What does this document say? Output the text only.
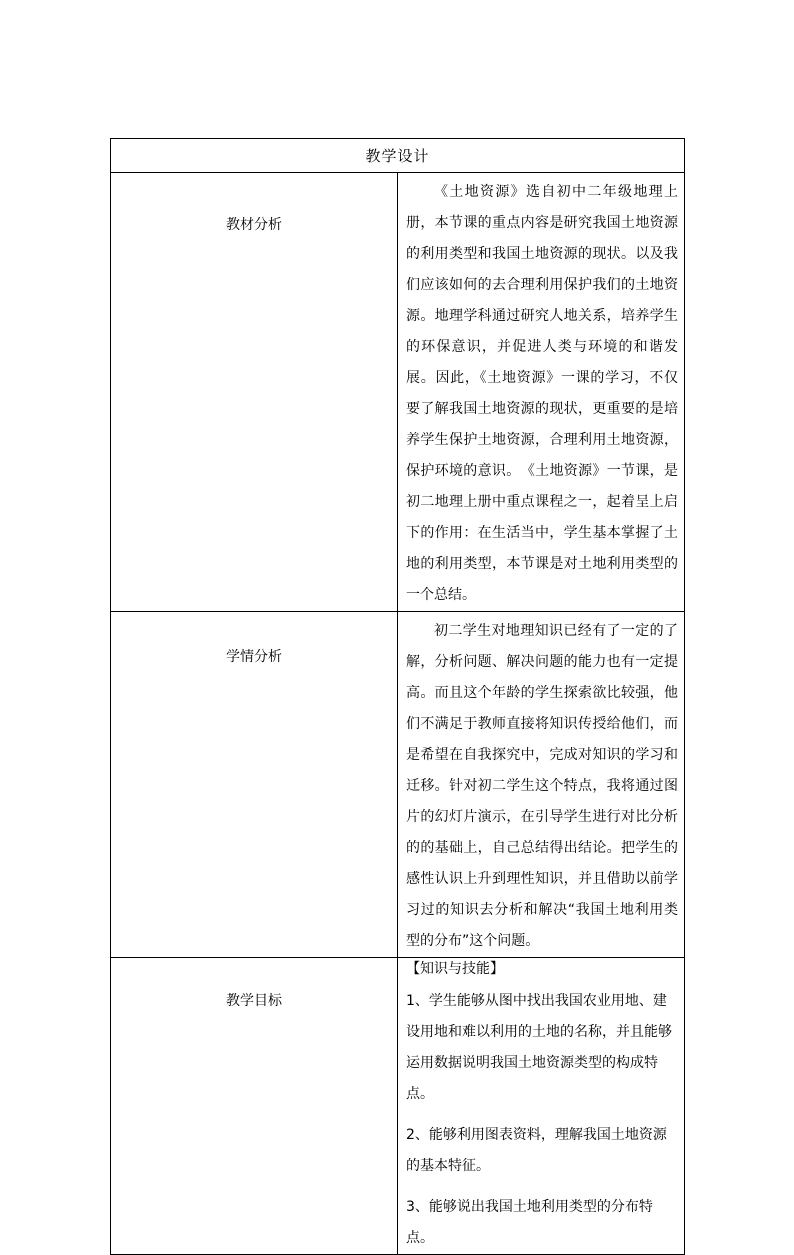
教学设计	

教材分析	《土地资源》选自初中二年级地理上册，本节课的重点内容是研究我国土地资源的利用类型和我国土地资源的现状。以及我们应该如何的去合理利用保护我们的土地资源。地理学科通过研究人地关系，培养学生的环保意识，并促进人类与环境的和谐发展。因此，《土地资源》一课的学习，不仅要了解我国土地资源的现状，更重要的是培养学生保护土地资源，合理利用土地资源，保护环境的意识。　《土地资源》一节课，是初二地理上册中重点课程之一，起着呈上启下的作用：在生活当中，学生基本掌握了土地的利用类型，本节课是对土地利用类型的一个总结。

学情分析	初二学生对地理知识已经有了一定的了解，分析问题、解决问题的能力也有一定提高。而且这个年龄的学生探索欲比较强，他们不满足于教师直接将知识传授给他们，而是希望在自我探究中，完成对知识的学习和迁移。针对初二学生这个特点，我将通过图片的幻灯片演示，在引导学生进行对比分析的的基础上，自己总结得出结论。把学生的感性认识上升到理性知识，并且借助以前学习过的知识去分析和解决“我国土地利用类型的分布”这个问题。

教学目标	【知识与技能】

1、学生能够从图中找出我国农业用地、建设用地和难以利用的土地的名称，并且能够运用数据说明我国土地资源类型的构成特点。

2、能够利用图表资料，理解我国土地资源的基本特征。

3、能够说出我国土地利用类型的分布特点。
